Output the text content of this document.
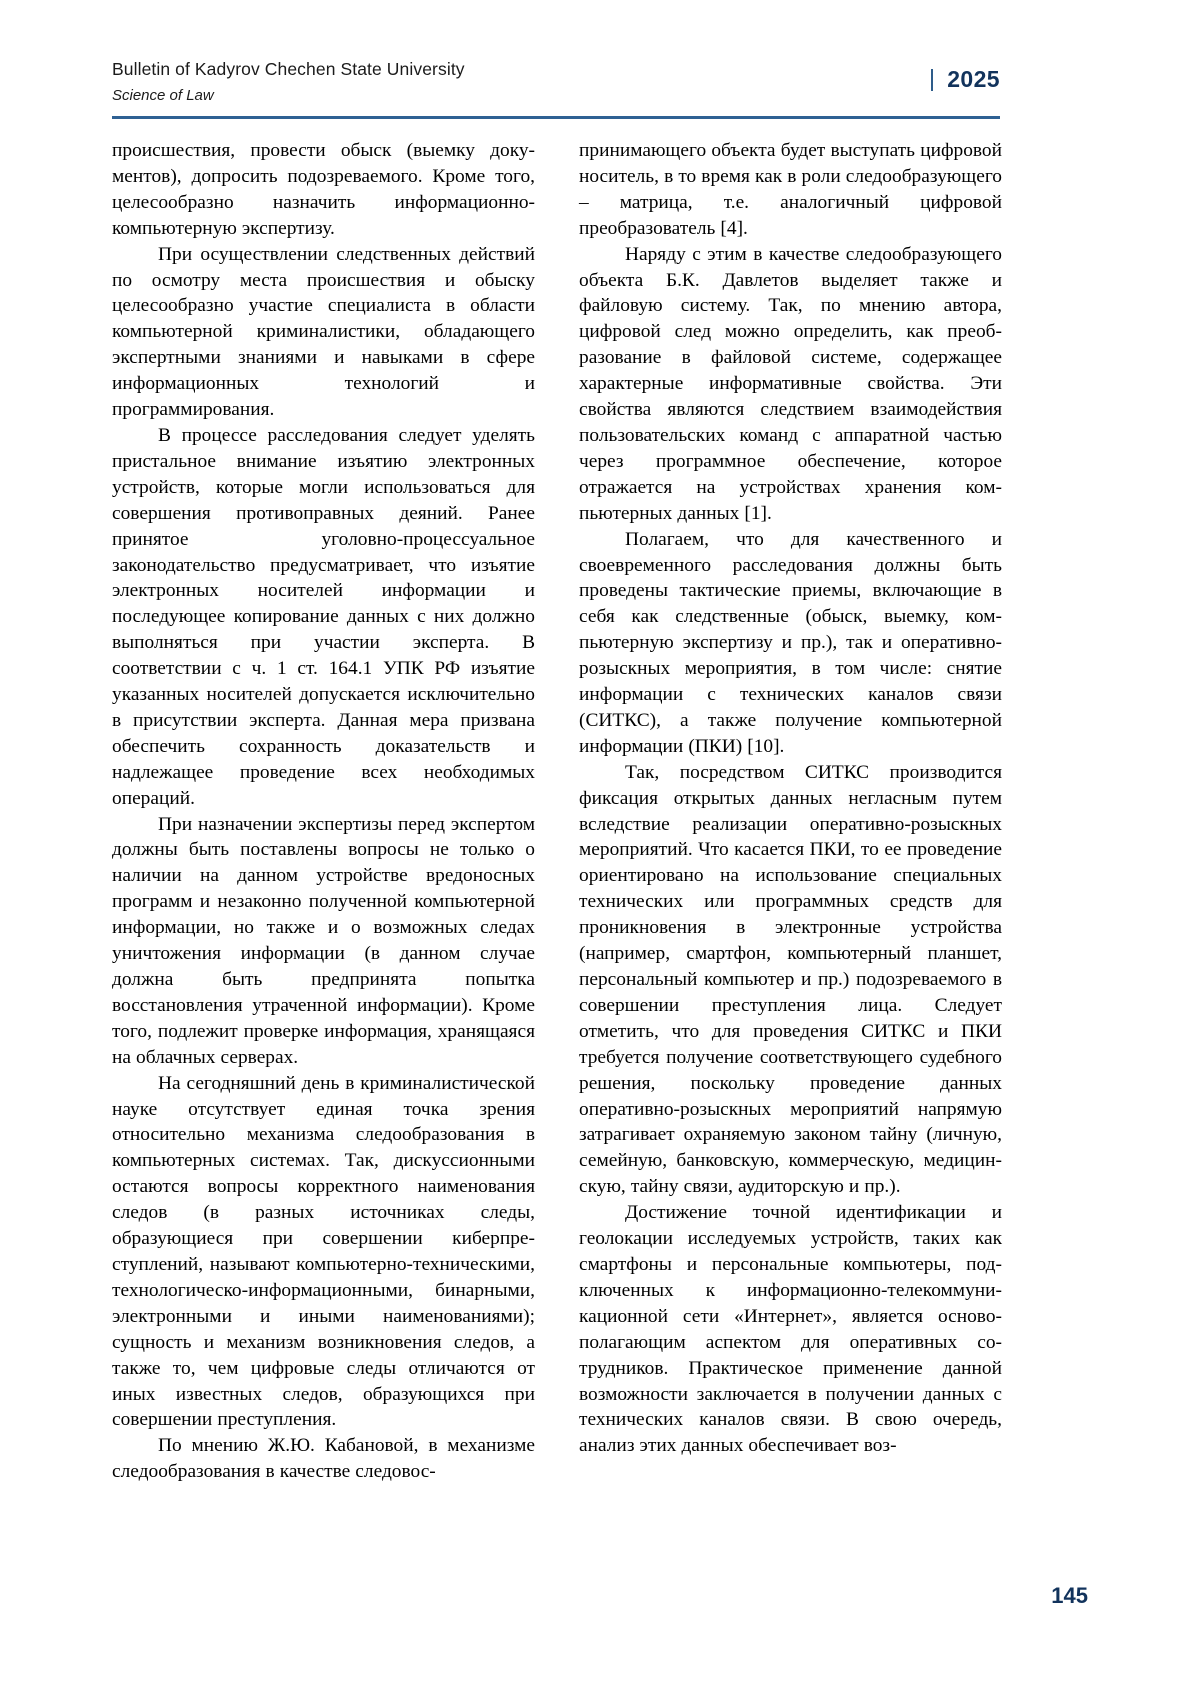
Bulletin of Kadyrov Chechen State University
Science of Law
2025

происшествия, провести обыск (выемку документов), допросить подозреваемого. Кроме того, целесообразно назначить информационно-компьютерную экспертизу.

При осуществлении следственных действий по осмотру места происшествия и обыску целесообразно участие специалиста в области компьютерной криминалистики, обладающего экспертными знаниями и навыками в сфере информационных технологий и программирования.

В процессе расследования следует уделять пристальное внимание изъятию электронных устройств, которые могли использоваться для совершения противоправных деяний. Ранее принятое уголовно-процессуальное законодательство предусматривает, что изъятие электронных носителей информации и последующее копирование данных с них должно выполняться при участии эксперта. В соответствии с ч. 1 ст. 164.1 УПК РФ изъятие указанных носителей допускается исключительно в присутствии эксперта. Данная мера призвана обеспечить сохранность доказательств и надлежащее проведение всех необходимых операций.

При назначении экспертизы перед экспертом должны быть поставлены вопросы не только о наличии на данном устройстве вредоносных программ и незаконно полученной компьютерной информации, но также и о возможных следах уничтожения информации (в данном случае должна быть предпринята попытка восстановления утраченной информации). Кроме того, подлежит проверке информация, хранящаяся на облачных серверах.

На сегодняшний день в криминалистической науке отсутствует единая точка зрения относительно механизма следообразования в компьютерных системах. Так, дискуссионными остаются вопросы корректного наименования следов (в разных источниках следы, образующиеся при совершении киберпреступлений, называют компьютерно-техническими, технологическо-информационными, бинарными, электронными и иными наименованиями); сущность и механизм возникновения следов, а также то, чем цифровые следы отличаются от иных известных следов, образующихся при совершении преступления.

По мнению Ж.Ю. Кабановой, в механизме следообразования в качестве следовос-

принимающего объекта будет выступать цифровой носитель, в то время как в роли следообразующего – матрица, т.е. аналогичный цифровой преобразователь [4].

Наряду с этим в качестве следообразующего объекта Б.К. Давлетов выделяет также и файловую систему. Так, по мнению автора, цифровой след можно определить, как преобразование в файловой системе, содержащее характерные информативные свойства. Эти свойства являются следствием взаимодействия пользовательских команд с аппаратной частью через программное обеспечение, которое отражается на устройствах хранения компьютерных данных [1].

Полагаем, что для качественного и своевременного расследования должны быть проведены тактические приемы, включающие в себя как следственные (обыск, выемку, компьютерную экспертизу и пр.), так и оперативно-розыскных мероприятия, в том числе: снятие информации с технических каналов связи (СИТКС), а также получение компьютерной информации (ПКИ) [10].

Так, посредством СИТКС производится фиксация открытых данных негласным путем вследствие реализации оперативно-розыскных мероприятий. Что касается ПКИ, то ее проведение ориентировано на использование специальных технических или программных средств для проникновения в электронные устройства (например, смартфон, компьютерный планшет, персональный компьютер и пр.) подозреваемого в совершении преступления лица. Следует отметить, что для проведения СИТКС и ПКИ требуется получение соответствующего судебного решения, поскольку проведение данных оперативно-розыскных мероприятий напрямую затрагивает охраняемую законом тайну (личную, семейную, банковскую, коммерческую, медицинскую, тайну связи, аудиторскую и пр.).

Достижение точной идентификации и геолокации исследуемых устройств, таких как смартфоны и персональные компьютеры, подключенных к информационно-телекоммуникационной сети «Интернет», является основополагающим аспектом для оперативных сотрудников. Практическое применение данной возможности заключается в получении данных с технических каналов связи. В свою очередь, анализ этих данных обеспечивает воз-

145
